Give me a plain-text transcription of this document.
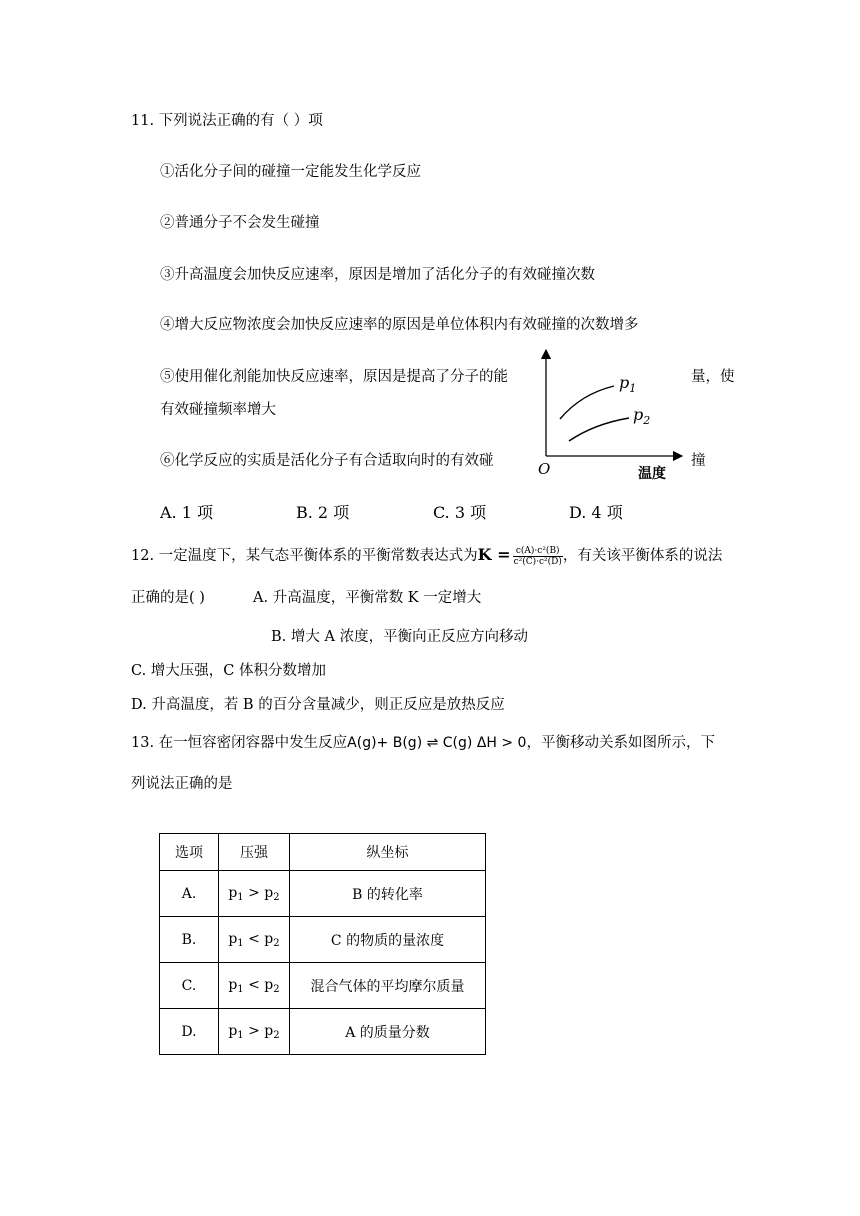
11. 下列说法正确的有（ ）项
①活化分子间的碰撞一定能发生化学反应
②普通分子不会发生碰撞
③升高温度会加快反应速率，原因是增加了活化分子的有效碰撞次数
④增大反应物浓度会加快反应速率的原因是单位体积内有效碰撞的次数增多
⑤使用催化剂能加快反应速率，原因是提高了分子的能	量，使
有效碰撞频率增大
⑥化学反应的实质是活化分子有合适取向时的有效碰	撞
$p_1$
$p_2$
O	温度
A. 1 项	B. 2 项	C. 3 项	D. 4 项
12. 一定温度下，某气态平衡体系的平衡常数表达式为$K = \frac{\text{c(A)·c²(B)}}{\text{c²(C)·c²(D)}}$ ，有关该平衡体系的说法
正确的是( )	A. 升高温度，平衡常数 K 一定增大
B. 增大 A 浓度，平衡向正反应方向移动
C. 增大压强，C 体积分数增加
D. 升高温度，若 B 的百分含量减少，则正反应是放热反应
13. 在一恒容密闭容器中发生反应A(g)+ B(g) ⇌ C(g) ΔH > 0，平衡移动关系如图所示，下
列说法正确的是
选项	压强	纵坐标
A.	$p_1 > p_2$	B 的转化率
B.	$p_1 < p_2$	C 的物质的量浓度
C.	$p_1 < p_2$	混合气体的平均摩尔质量
D.	$p_1 > p_2$	A 的质量分数
